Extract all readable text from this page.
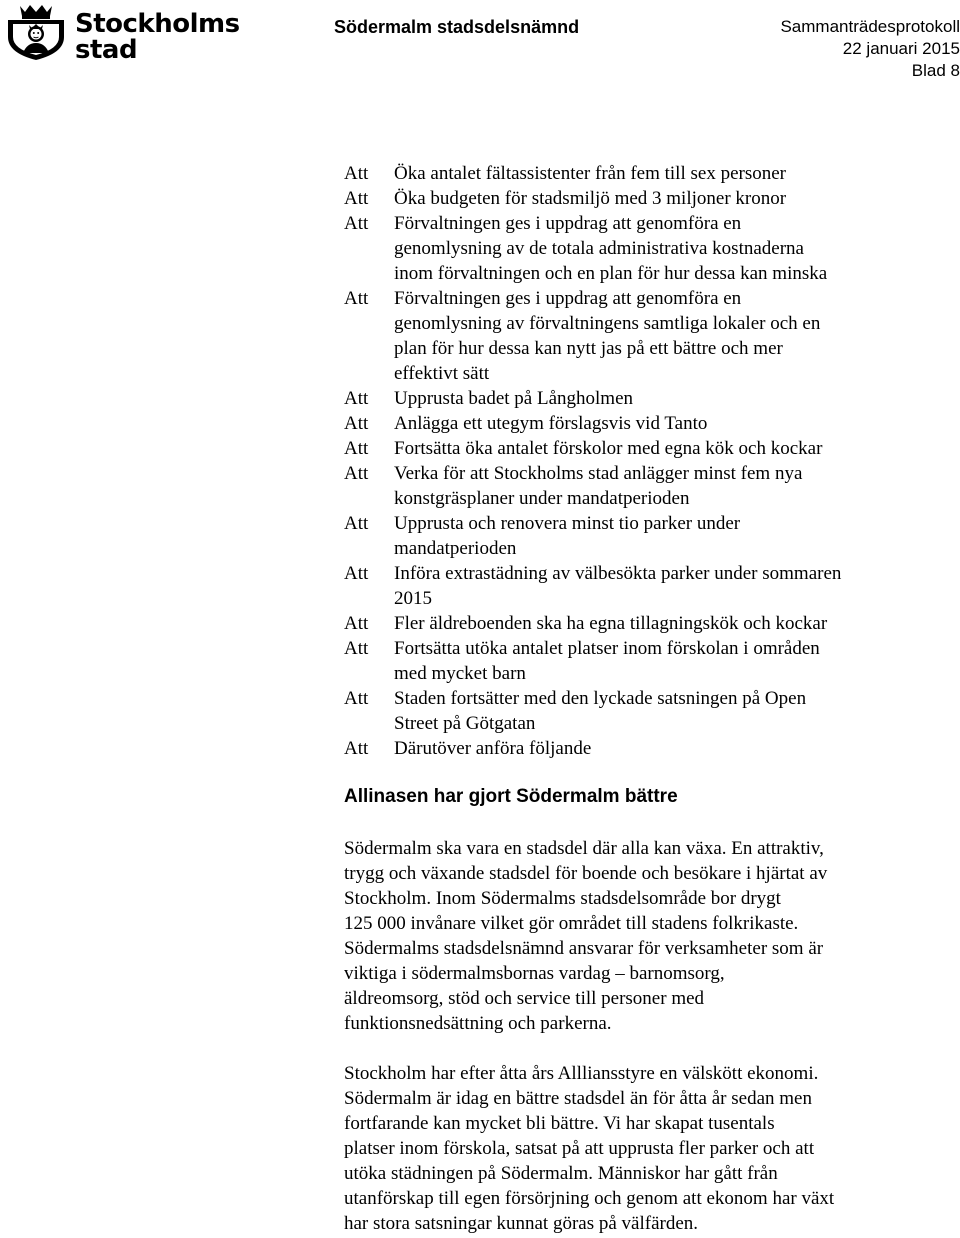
Stockholms
stad
Södermalm stadsdelsnämnd	Sammanträdesprotokoll
22 januari 2015
Blad 8
Att	Öka antalet fältassistenter från fem till sex personer
Att	Öka budgeten för stadsmiljö med 3 miljoner kronor
Att	Förvaltningen ges i uppdrag att genomföra en
genomlysning av de totala administrativa kostnaderna
inom förvaltningen och en plan för hur dessa kan minska
Att	Förvaltningen ges i uppdrag att genomföra en
genomlysning av förvaltningens samtliga lokaler och en
plan för hur dessa kan nytt jas på ett bättre och mer
effektivt sätt
Att	Upprusta badet på Långholmen
Att	Anlägga ett utegym förslagsvis vid Tanto
Att	Fortsätta öka antalet förskolor med egna kök och kockar
Att	Verka för att Stockholms stad anlägger minst fem nya
konstgräsplaner under mandatperioden
Att	Upprusta och renovera minst tio parker under
mandatperioden
Att	Införa extrastädning av välbesökta parker under sommaren
2015
Att	Fler äldreboenden ska ha egna tillagningskök och kockar
Att	Fortsätta utöka antalet platser inom förskolan i områden
med mycket barn
Att	Staden fortsätter med den lyckade satsningen på Open
Street på Götgatan
Att	Därutöver anföra följande
Allinasen har gjort Södermalm bättre

Södermalm ska vara en stadsdel där alla kan växa. En attraktiv,
trygg och växande stadsdel för boende och besökare i hjärtat av
Stockholm. Inom Södermalms stadsdelsområde bor drygt
125 000 invånare vilket gör området till stadens folkrikaste.
Södermalms stadsdelsnämnd ansvarar för verksamheter som är
viktiga i södermalmsbornas vardag – barnomsorg,
äldreomsorg, stöd och service till personer med
funktionsnedsättning och parkerna.

Stockholm har efter åtta års Allliansstyre en välskött ekonomi.
Södermalm är idag en bättre stadsdel än för åtta år sedan men
fortfarande kan mycket bli bättre. Vi har skapat tusentals
platser inom förskola, satsat på att upprusta fler parker och att
utöka städningen på Södermalm. Människor har gått från
utanförskap till egen försörjning och genom att ekonom har växt
har stora satsningar kunnat göras på välfärden.
